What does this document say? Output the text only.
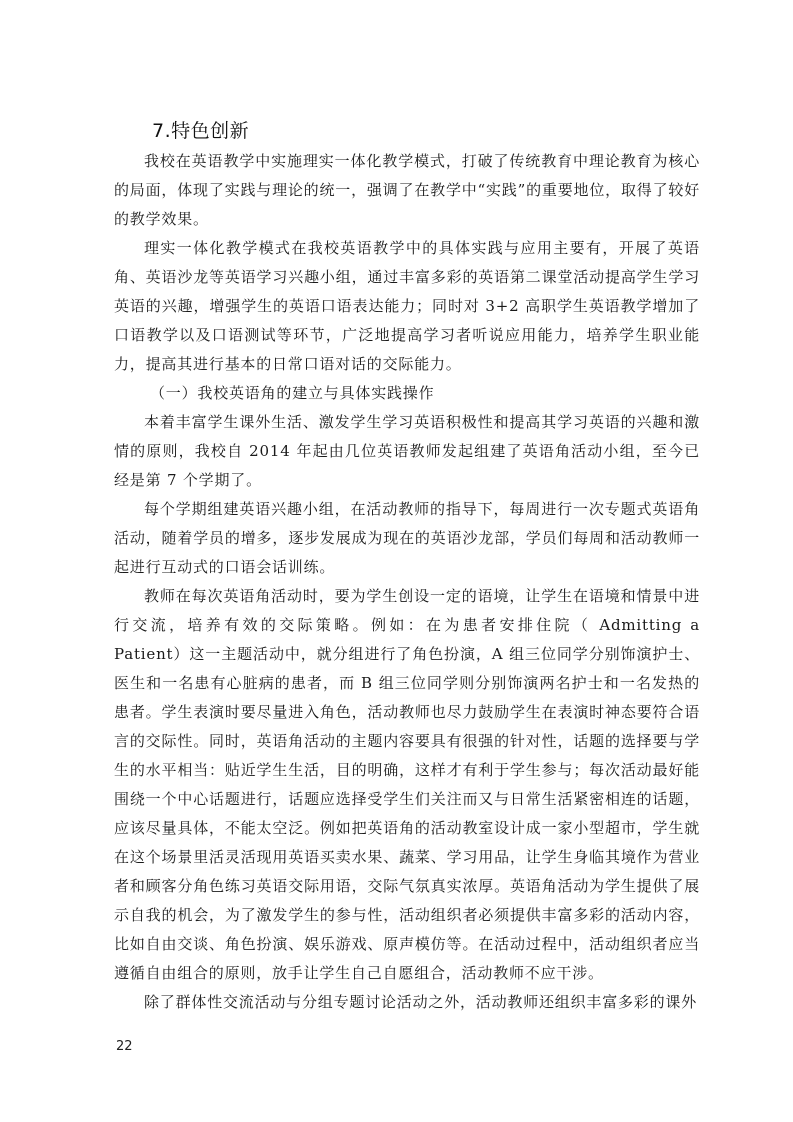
7.特色创新

我校在英语教学中实施理实一体化教学模式，打破了传统教育中理论教育为核心的局面，体现了实践与理论的统一，强调了在教学中“实践”的重要地位，取得了较好的教学效果。

理实一体化教学模式在我校英语教学中的具体实践与应用主要有，开展了英语角、英语沙龙等英语学习兴趣小组，通过丰富多彩的英语第二课堂活动提高学生学习英语的兴趣，增强学生的英语口语表达能力；同时对 3+2 高职学生英语教学增加了口语教学以及口语测试等环节，广泛地提高学习者听说应用能力，培养学生职业能力，提高其进行基本的日常口语对话的交际能力。

（一）我校英语角的建立与具体实践操作

本着丰富学生课外生活、激发学生学习英语积极性和提高其学习英语的兴趣和激情的原则，我校自 2014 年起由几位英语教师发起组建了英语角活动小组，至今已经是第 7 个学期了。

每个学期组建英语兴趣小组，在活动教师的指导下，每周进行一次专题式英语角活动，随着学员的增多，逐步发展成为现在的英语沙龙部，学员们每周和活动教师一起进行互动式的口语会话训练。

教师在每次英语角活动时，要为学生创设一定的语境，让学生在语境和情景中进行交流，培养有效的交际策略。例如：在为患者安排住院（ Admitting a Patient）这一主题活动中，就分组进行了角色扮演，A 组三位同学分别饰演护士、医生和一名患有心脏病的患者，而 B 组三位同学则分别饰演两名护士和一名发热的患者。学生表演时要尽量进入角色，活动教师也尽力鼓励学生在表演时神态要符合语言的交际性。同时，英语角活动的主题内容要具有很强的针对性，话题的选择要与学生的水平相当：贴近学生生活，目的明确，这样才有利于学生参与；每次活动最好能围绕一个中心话题进行，话题应选择受学生们关注而又与日常生活紧密相连的话题，应该尽量具体，不能太空泛。例如把英语角的活动教室设计成一家小型超市，学生就在这个场景里活灵活现用英语买卖水果、蔬菜、学习用品，让学生身临其境作为营业者和顾客分角色练习英语交际用语，交际气氛真实浓厚。英语角活动为学生提供了展示自我的机会，为了激发学生的参与性，活动组织者必须提供丰富多彩的活动内容，比如自由交谈、角色扮演、娱乐游戏、原声模仿等。在活动过程中，活动组织者应当遵循自由组合的原则，放手让学生自己自愿组合，活动教师不应干涉。

除了群体性交流活动与分组专题讨论活动之外，活动教师还组织丰富多彩的课外

22
